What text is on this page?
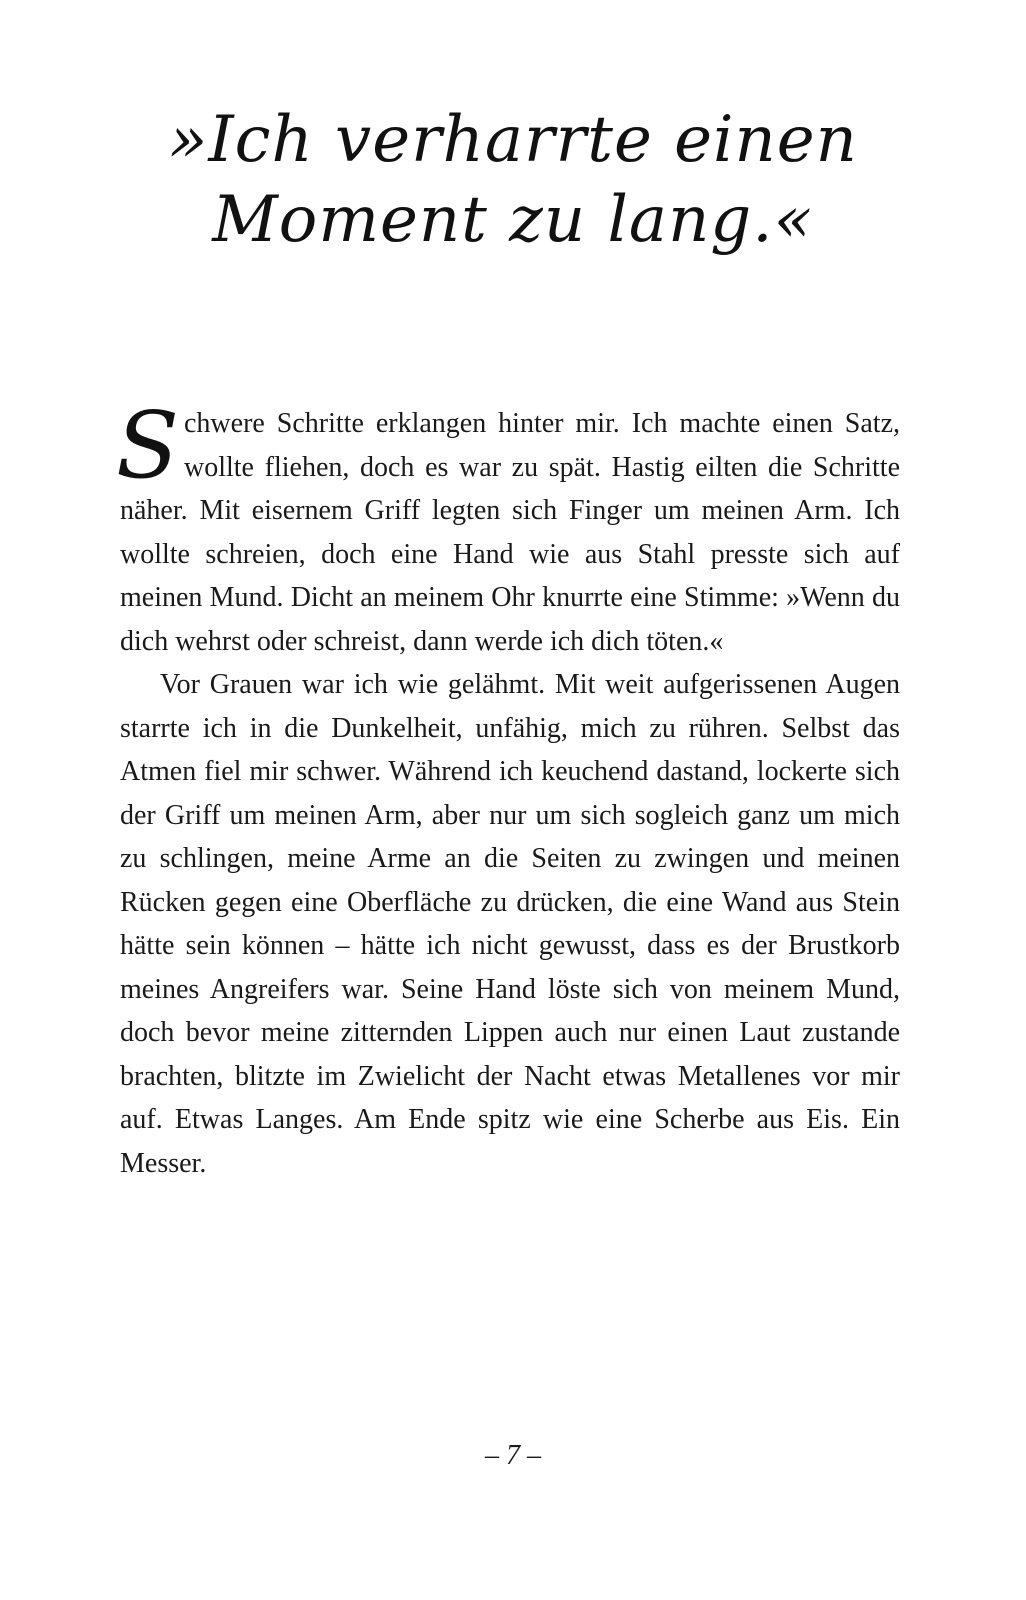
»Ich verharrte einen
Moment zu lang.«

Schwere Schritte erklangen hinter mir. Ich machte einen Satz, wollte fliehen, doch es war zu spät. Hastig eilten die Schritte näher. Mit eisernem Griff legten sich Finger um meinen Arm. Ich wollte schreien, doch eine Hand wie aus Stahl presste sich auf meinen Mund. Dicht an meinem Ohr knurrte eine Stimme: »Wenn du dich wehrst oder schreist, dann werde ich dich töten.«

Vor Grauen war ich wie gelähmt. Mit weit aufgerissenen Augen starrte ich in die Dunkelheit, unfähig, mich zu rühren. Selbst das Atmen fiel mir schwer. Während ich keuchend dastand, lockerte sich der Griff um meinen Arm, aber nur um sich sogleich ganz um mich zu schlingen, meine Arme an die Seiten zu zwingen und meinen Rücken gegen eine Oberfläche zu drücken, die eine Wand aus Stein hätte sein können – hätte ich nicht gewusst, dass es der Brustkorb meines Angreifers war. Seine Hand löste sich von meinem Mund, doch bevor meine zitternden Lippen auch nur einen Laut zustande brachten, blitzte im Zwielicht der Nacht etwas Metallenes vor mir auf. Etwas Langes. Am Ende spitz wie eine Scherbe aus Eis. Ein Messer.

– 7 –
